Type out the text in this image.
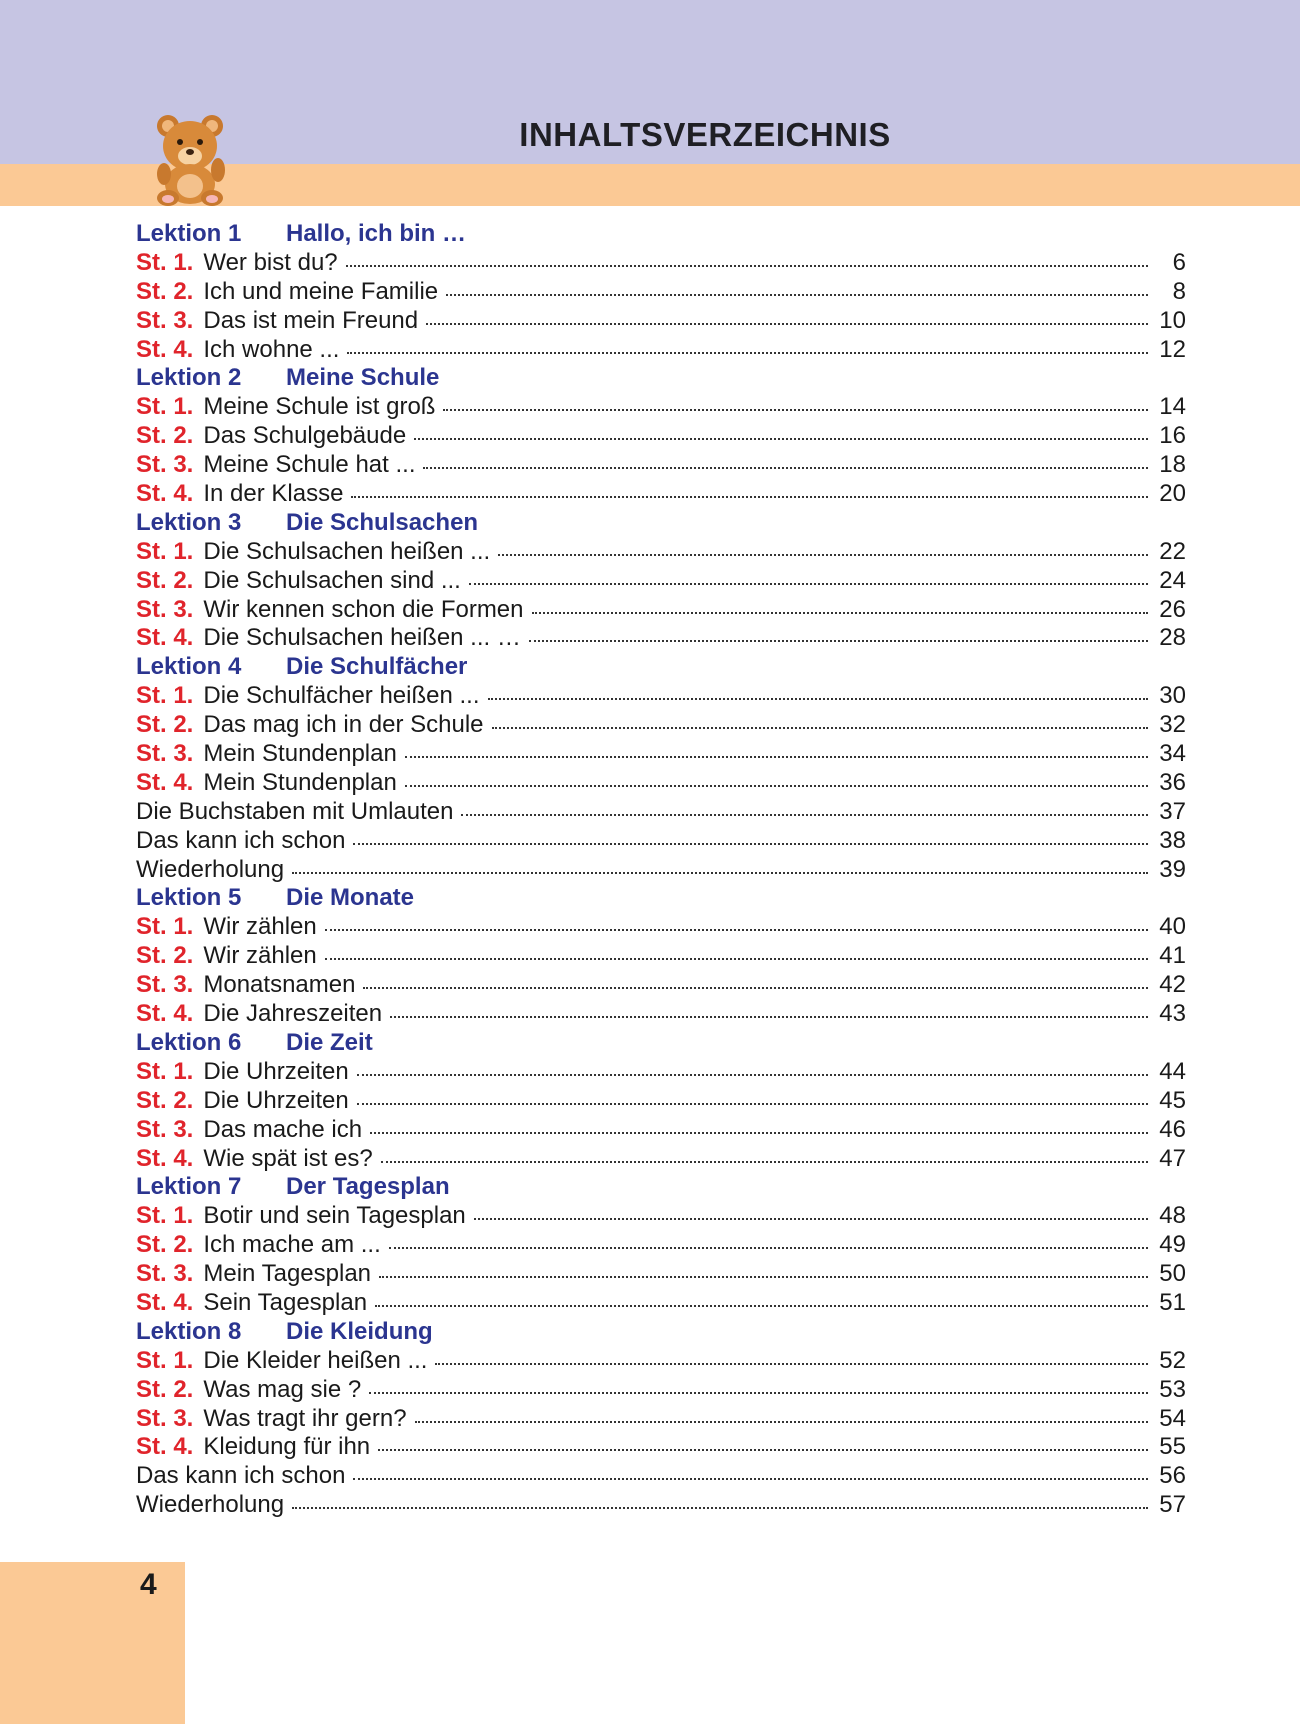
INHALTSVERZEICHNIS
Lektion 1	Hallo, ich bin …
St. 1. Wer bist du?	6
St. 2. Ich und meine Familie	8
St. 3. Das ist mein Freund	10
St. 4. Ich wohne ...	12
Lektion 2	Meine Schule
St. 1. Meine Schule ist groß	14
St. 2. Das Schulgebäude	16
St. 3. Meine Schule hat ...	18
St. 4. In der Klasse	20
Lektion 3	Die Schulsachen
St. 1. Die Schulsachen heißen ...	22
St. 2. Die Schulsachen sind ...	24
St. 3. Wir kennen schon die Formen	26
St. 4. Die Schulsachen heißen ... …	28
Lektion 4	Die Schulfächer
St. 1. Die Schulfächer heißen ...	30
St. 2. Das mag ich in der Schule	32
St. 3. Mein Stundenplan	34
St. 4. Mein Stundenplan	36
Die Buchstaben mit Umlauten	37
Das kann ich schon	38
Wiederholung	39
Lektion 5	Die Monate
St. 1. Wir zählen	40
St. 2. Wir zählen	41
St. 3. Monatsnamen	42
St. 4. Die Jahreszeiten	43
Lektion 6	Die Zeit
St. 1. Die Uhrzeiten	44
St. 2. Die Uhrzeiten	45
St. 3. Das mache ich	46
St. 4. Wie spät ist es?	47
Lektion 7	Der Tagesplan
St. 1. Botir und sein Tagesplan	48
St. 2. Ich mache am ...	49
St. 3. Mein Tagesplan	50
St. 4. Sein Tagesplan	51
Lektion 8	Die Kleidung
St. 1. Die Kleider heißen ...	52
St. 2. Was mag sie ?	53
St. 3. Was tragt ihr gern?	54
St. 4. Kleidung für ihn	55
Das kann ich schon	56
Wiederholung	57
4
